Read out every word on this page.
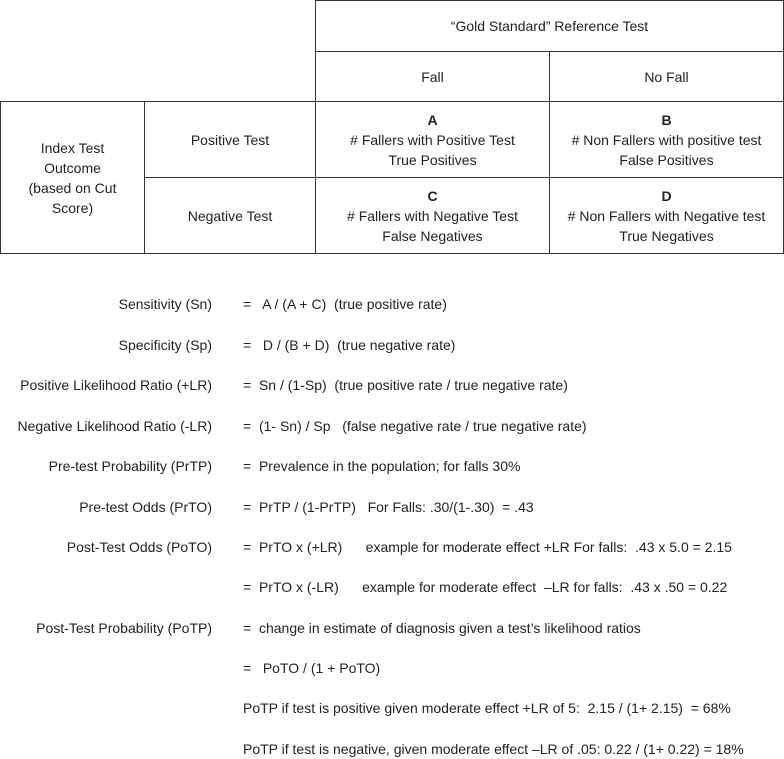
“Gold Standard” Reference Test
Fall	No Fall
Index Test
Outcome
(based on Cut
Score)
Positive Test
Negative Test
A
# Fallers with Positive Test
True Positives
B
# Non Fallers with positive test
False Positives
C
# Fallers with Negative Test
False Negatives
D
# Non Fallers with Negative test
True Negatives
Sensitivity (Sn) =   A / (A + C)  (true positive rate)
Specificity (Sp) =   D / (B + D)  (true negative rate)
Positive Likelihood Ratio (+LR) =  Sn / (1-Sp)  (true positive rate / true negative rate)
Negative Likelihood Ratio (-LR) =  (1- Sn) / Sp   (false negative rate / true negative rate)
Pre-test Probability (PrTP) =  Prevalence in the population; for falls 30%
Pre-test Odds (PrTO) =  PrTP / (1-PrTP)   For Falls: .30/(1-.30)  = .43
Post-Test Odds (PoTO) =  PrTO x (+LR)      example for moderate effect +LR For falls:  .43 x 5.0 = 2.15
=  PrTO x (-LR)      example for moderate effect  –LR for falls:  .43 x .50 = 0.22
Post-Test Probability (PoTP) =  change in estimate of diagnosis given a test’s likelihood ratios
=   PoTO / (1 + PoTO)
PoTP if test is positive given moderate effect +LR of 5:  2.15 / (1+ 2.15)  = 68%
PoTP if test is negative, given moderate effect –LR of .05: 0.22 / (1+ 0.22) = 18%
